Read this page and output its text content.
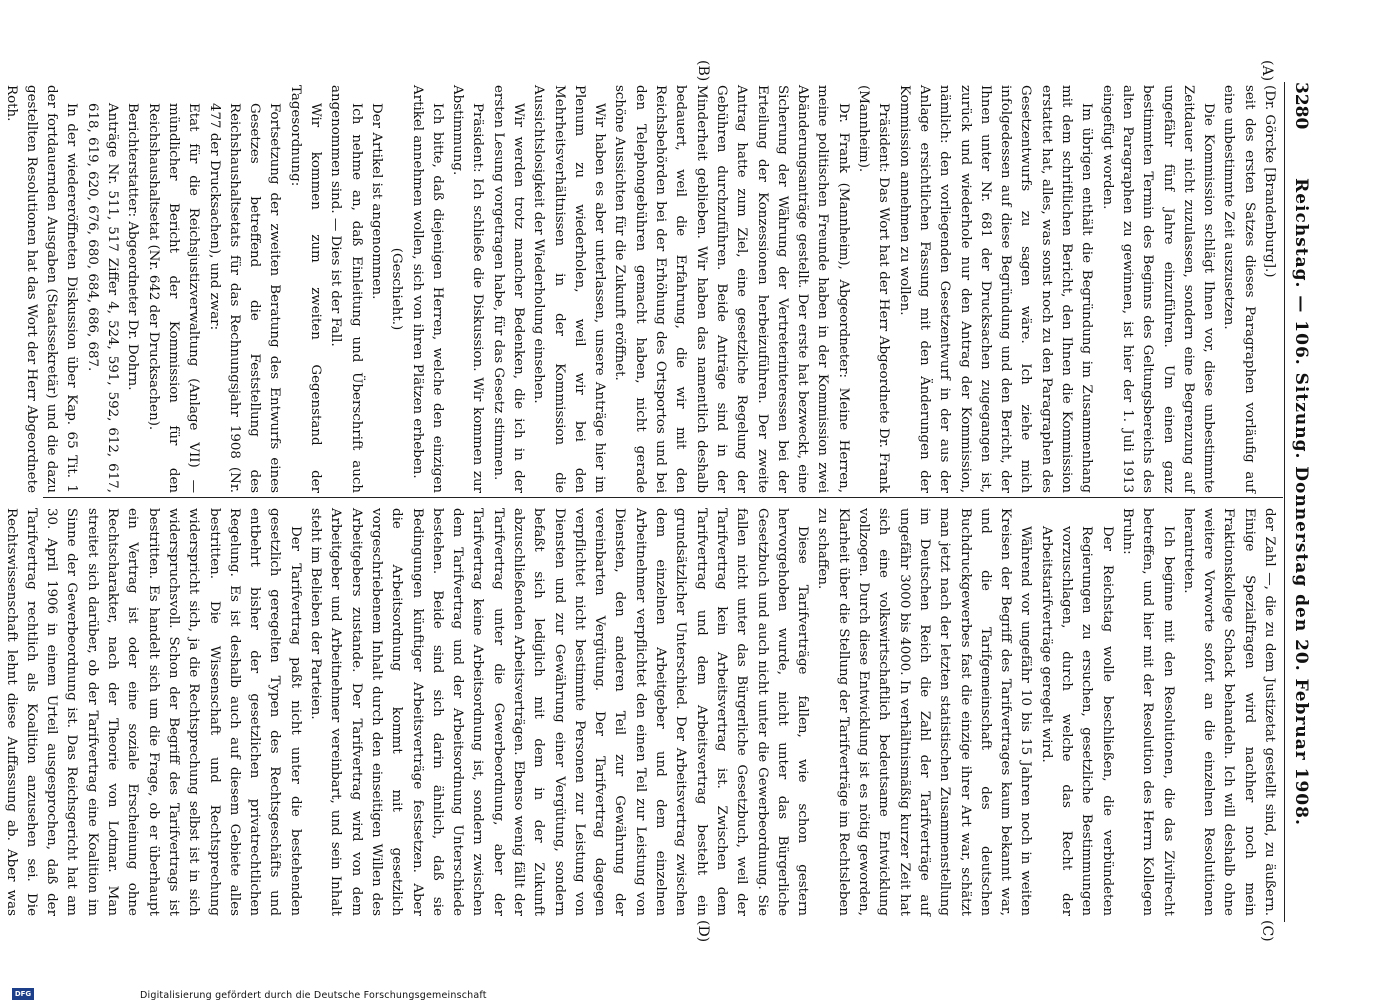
3280
Reichstag. — 106. Sitzung. Donnerstag den 20. Februar 1908.
(A)
(B)
(C)
(D)

(Dr. Görcke [Brandenburg].)

seit des ersten Satzes dieses Paragraphen vorläufig auf eine unbestimmte Zeit auszusetzen.

Die Kommission schlägt Ihnen vor, diese unbestimmte Zeitdauer nicht zuzulassen, sondern eine Begrenzung auf ungefähr fünf Jahre einzuführen. Um einen ganz bestimmten Termin des Beginns des Geltungsbereichs des alten Paragraphen zu gewinnen, ist hier der 1. Juli 1913 eingefügt worden.

Im übrigen enthält die Begründung im Zusammenhang mit dem schriftlichen Bericht, den Ihnen die Kommission erstattet hat, alles, was sonst noch zu den Paragraphen des Gesetzentwurfs zu sagen wäre. Ich ziehe mich infolgedessen auf diese Begründung und den Bericht, der Ihnen unter Nr. 681 der Drucksachen zugegangen ist, zurück und wiederhole nur den Antrag der Kommission, nämlich: den vorliegenden Gesetzentwurf in der aus der Anlage ersichtlichen Fassung mit den Änderungen der Kommission annehmen zu wollen.

Präsident: Das Wort hat der Herr Abgeordnete Dr. Frank (Mannheim).

Dr. Frank (Mannheim), Abgeordneter: Meine Herren, meine politischen Freunde haben in der Kommission zwei Abänderungsanträge gestellt. Der erste hat bezweckt, eine Sicherung der Währung der Vertreterinteressen bei der Erteilung der Konzessionen herbeizuführen. Der zweite Antrag hatte zum Ziel, eine gesetzliche Regelung der Gebühren durchzuführen. Beide Anträge sind in der Minderheit geblieben. Wir haben das namentlich deshalb bedauert, weil die Erfahrung, die wir mit den Reichsbehörden bei der Erhöhung des Ortsportos und bei den Telephongebühren gemacht haben, nicht gerade schöne Aussichten für die Zukunft eröffnet.

Wir haben es aber unterlassen, unsere Anträge hier im Plenum zu wiederholen, weil wir bei den Mehrheitsverhältnissen in der Kommission die Aussichtslosigkeit der Wiederholung einsehen.

Wir werden trotz mancher Bedenken, die ich in der ersten Lesung vorgetragen habe, für das Gesetz stimmen.

Präsident: Ich schließe die Diskussion. Wir kommen zur Abstimmung.

Ich bitte, daß diejenigen Herren, welche den einzigen Artikel annehmen wollen, sich von ihren Plätzen erheben.

(Geschieht.)

Der Artikel ist angenommen.

Ich nehme an, daß Einleitung und Überschrift auch angenommen sind. — Dies ist der Fall.

Wir kommen zum zweiten Gegenstand der Tagesordnung:

Fortsetzung der zweiten Beratung des Entwurfs eines Gesetzes betreffend die Feststellung des Reichshaushaltsetats für das Rechnungsjahr 1908 (Nr. 477 der Drucksachen), und zwar:

Etat für die Reichsjustizverwaltung (Anlage VII) — mündlicher Bericht der Kommission für den Reichshaushaltsetat (Nr. 642 der Drucksachen).

Berichterstatter: Abgeordneter Dr. Dohrn.

Anträge Nr. 511, 517 Ziffer 4, 524, 591, 592, 612, 617, 618, 619, 620, 676, 680, 684, 686, 687.

In der wiedereröffneten Diskussion über Kap. 65 Tit. 1 der fortdauernden Ausgaben (Staatssekretär) und die dazu gestellten Resolutionen hat das Wort der Herr Abgeordnete Roth.

der Zahl —, die zu dem Justizetat gestellt sind, zu äußern. Einige Spezialfragen wird nachher noch mein Fraktionskollege Schack behandeln. Ich will deshalb ohne weitere Vorworte sofort an die einzelnen Resolutionen herantreten.

Ich beginne mit den Resolutionen, die das Zivilrecht betreffen, und hier mit der Resolution des Herrn Kollegen Bruhn:

Der Reichstag wolle beschließen, die verbündeten Regierungen zu ersuchen, gesetzliche Bestimmungen vorzuschlagen, durch welche das Recht der Arbeitstarifverträge geregelt wird.

Während vor ungefähr 10 bis 15 Jahren noch in weiten Kreisen der Begriff des Tarifvertrages kaum bekannt war, und die Tarifgemeinschaft des deutschen Buchdruckgewerbes fast die einzige ihrer Art war, schätzt man jetzt nach der letzten statistischen Zusammenstellung im Deutschen Reich die Zahl der Tarifverträge auf ungefähr 3000 bis 4000. In verhältnismäßig kurzer Zeit hat sich eine volkswirtschaftlich bedeutsame Entwicklung vollzogen. Durch diese Entwicklung ist es nötig geworden, Klarheit über die Stellung der Tarifverträge im Rechtsleben zu schaffen.

Diese Tarifverträge fallen, wie schon gestern hervorgehoben wurde, nicht unter das Bürgerliche Gesetzbuch und auch nicht unter die Gewerbeordnung. Sie fallen nicht unter das Bürgerliche Gesetzbuch, weil der Tarifvertrag kein Arbeitsvertrag ist. Zwischen dem Tarifvertrag und dem Arbeitsvertrag besteht ein grundsätzlicher Unterschied. Der Arbeitsvertrag zwischen dem einzelnen Arbeitgeber und dem einzelnen Arbeitnehmer verpflichtet den einen Teil zur Leistung von Diensten, den anderen Teil zur Gewährung der vereinbarten Vergütung. Der Tarifvertrag dagegen verpflichtet nicht bestimmte Personen zur Leistung von Diensten und zur Gewährung einer Vergütung, sondern befaßt sich lediglich mit dem in der Zukunft abzuschließenden Arbeitsverträgen. Ebenso wenig fällt der Tarifvertrag unter die Gewerbeordnung, aber der Tarifvertrag keine Arbeitsordnung ist, sondern zwischen dem Tarifvertrag und der Arbeitsordnung Unterschiede bestehen. Beide sind sich darin ähnlich, daß sie Bedingungen künftiger Arbeitsverträge festsetzen. Aber die Arbeitsordnung kommt mit gesetzlich vorgeschriebenem Inhalt durch den einseitigen Willen des Arbeitgebers zustande. Der Tarifvertrag wird von dem Arbeitgeber und Arbeitnehmer vereinbart, und sein Inhalt steht im Belieben der Parteien.

Der Tarifvertrag paßt nicht unter die bestehenden gesetzlich geregelten Typen des Rechtsgeschäfts und entbehrt bisher der gesetzlichen privatrechtlichen Regelung. Es ist deshalb auch auf diesem Gebiete alles bestritten. Die Wissenschaft und Rechtsprechung widerspricht sich, ja die Rechtsprechung selbst ist in sich widerspruchsvoll. Schon der Begriff des Tarifvertrags ist bestritten. Es handelt sich um die Frage, ob er überhaupt ein Vertrag ist oder eine soziale Erscheinung ohne Rechtscharakter, nach der Theorie von Lotmar. Man streitet sich darüber, ob der Tarifvertrag eine Koalition im Sinne der Gewerbeordnung ist. Das Reichsgericht hat am 30. April 1906 in einem Urteil ausgesprochen, daß der Tarifvertrag rechtlich als Koalition anzusehen sei. Die Rechtswissenschaft lehnt diese Auffassung ab. Aber was

DFG	Digitalisierung gefördert durch die Deutsche Forschungsgemeinschaft
